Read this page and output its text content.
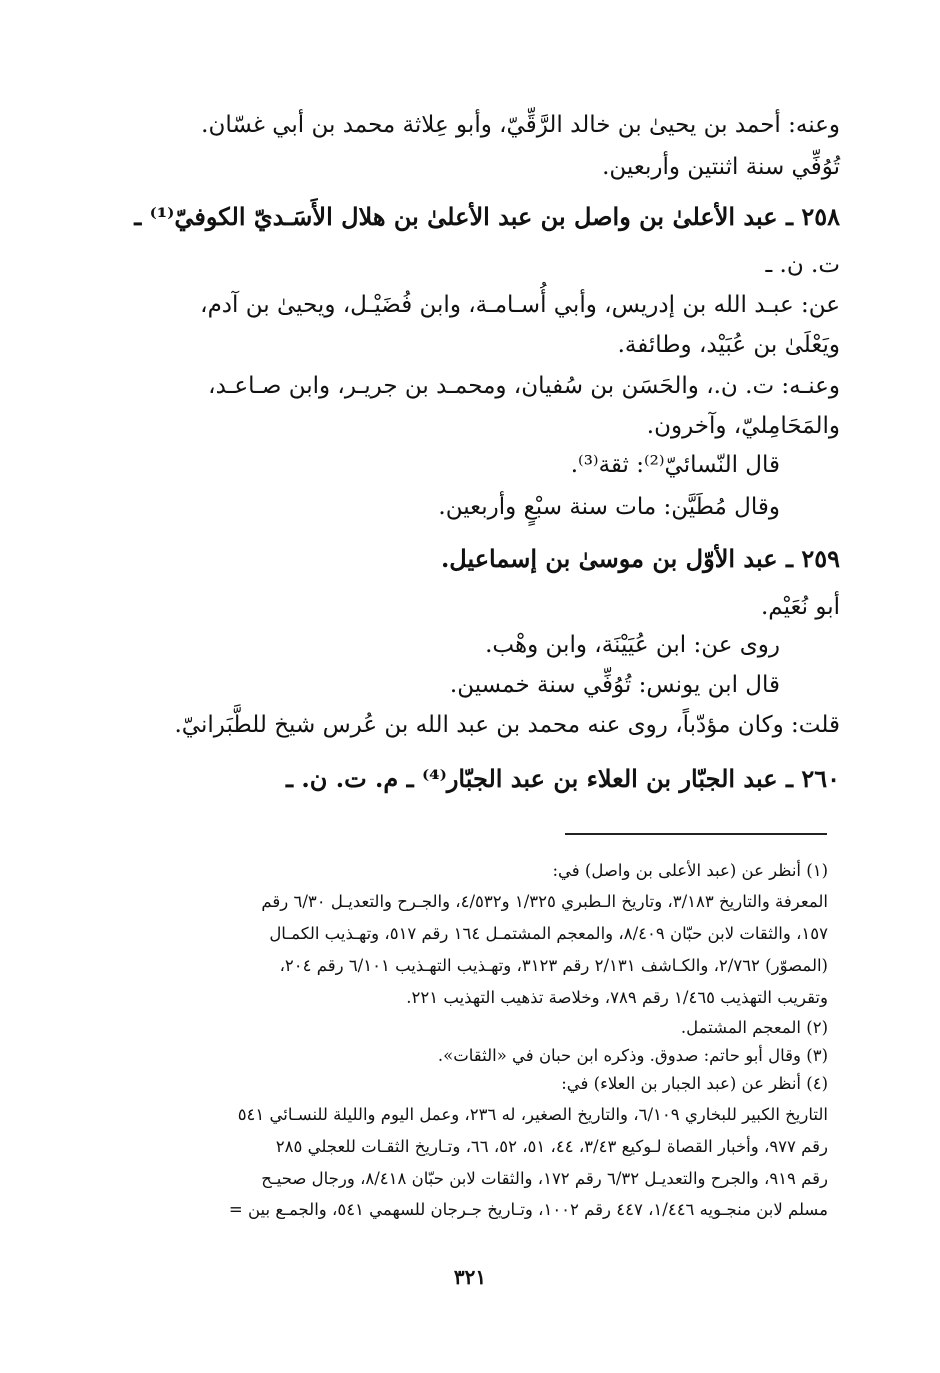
وعنه: أحمد بن يحيىٰ بن خالد الرَّقِّيّ، وأبو عِلاثة محمد بن أبي غسّان.
تُوُفِّي سنة اثنتين وأربعين.
٢٥٨ ـ عبد الأعلىٰ بن واصل بن عبد الأعلىٰ بن هلال الأَسَـديّ الكوفيّ⁽¹⁾ ـ
ت. ن. ـ
عن: عبـد الله بن إدريس، وأبي أُسـامـة، وابن فُضَيْـل، ويحيىٰ بن آدم،
ويَعْلَىٰ بن عُبَيْد، وطائفة.
وعنـه: ت. ن.، والحَسَن بن سُفيان، ومحمـد بن جريـر، وابن صـاعـد،
والمَحَامِليّ، وآخرون.
قال النّسائيّ⁽²⁾: ثقة⁽³⁾.
وقال مُطَيَّن: مات سنة سبْعٍ وأربعين.
٢٥٩ ـ عبد الأوّل بن موسىٰ بن إسماعيل.
أبو نُعَيْم.
روى عن: ابن عُيَيْنَة، وابن وهْب.
قال ابن يونس: تُوُفِّي سنة خمسين.
قلت: وكان مؤدّباً، روى عنه محمد بن عبد الله بن عُرس شيخ للطَّبَرانيّ.
٢٦٠ ـ عبد الجبّار بن العلاء بن عبد الجبّار⁽⁴⁾ ـ م. ت. ن. ـ
(١) أنظر عن (عبد الأعلى بن واصل) في:
المعرفة والتاريخ ٣/١٨٣، وتاريخ الـطبري ١/٣٢٥ و٤/٥٣٢، والجـرح والتعديـل ٦/٣٠ رقم
١٥٧، والثقات لابن حبّان ٨/٤٠٩، والمعجم المشتمـل ١٦٤ رقم ٥١٧، وتهـذيب الكمـال
(المصوّر) ٢/٧٦٢، والكـاشف ٢/١٣١ رقم ٣١٢٣، وتهـذيب التهـذيب ٦/١٠١ رقم ٢٠٤،
وتقريب التهذيب ١/٤٦٥ رقم ٧٨٩، وخلاصة تذهيب التهذيب ٢٢١.
(٢) المعجم المشتمل.
(٣) وقال أبو حاتم: صدوق. وذكره ابن حبان في «الثقات».
(٤) أنظر عن (عبد الجبار بن العلاء) في:
التاريخ الكبير للبخاري ٦/١٠٩، والتاريخ الصغير، له ٢٣٦، وعمل اليوم والليلة للنسـائي ٥٤١
رقم ٩٧٧، وأخبار القصاة لـوكيع ٣/٤٣، ٤٤، ٥١، ٥٢، ٦٦، وتـاريخ الثقـات للعجلي ٢٨٥
رقم ٩١٩، والجرح والتعديـل ٦/٣٢ رقم ١٧٢، والثقات لابن حبّان ٨/٤١٨، ورجال صحيـح
مسلم لابن منجـويه ١/٤٤٦، ٤٤٧ رقم ١٠٠٢، وتـاريخ جـرجان للسهمي ٥٤١، والجمـع بين =
٣٢١
